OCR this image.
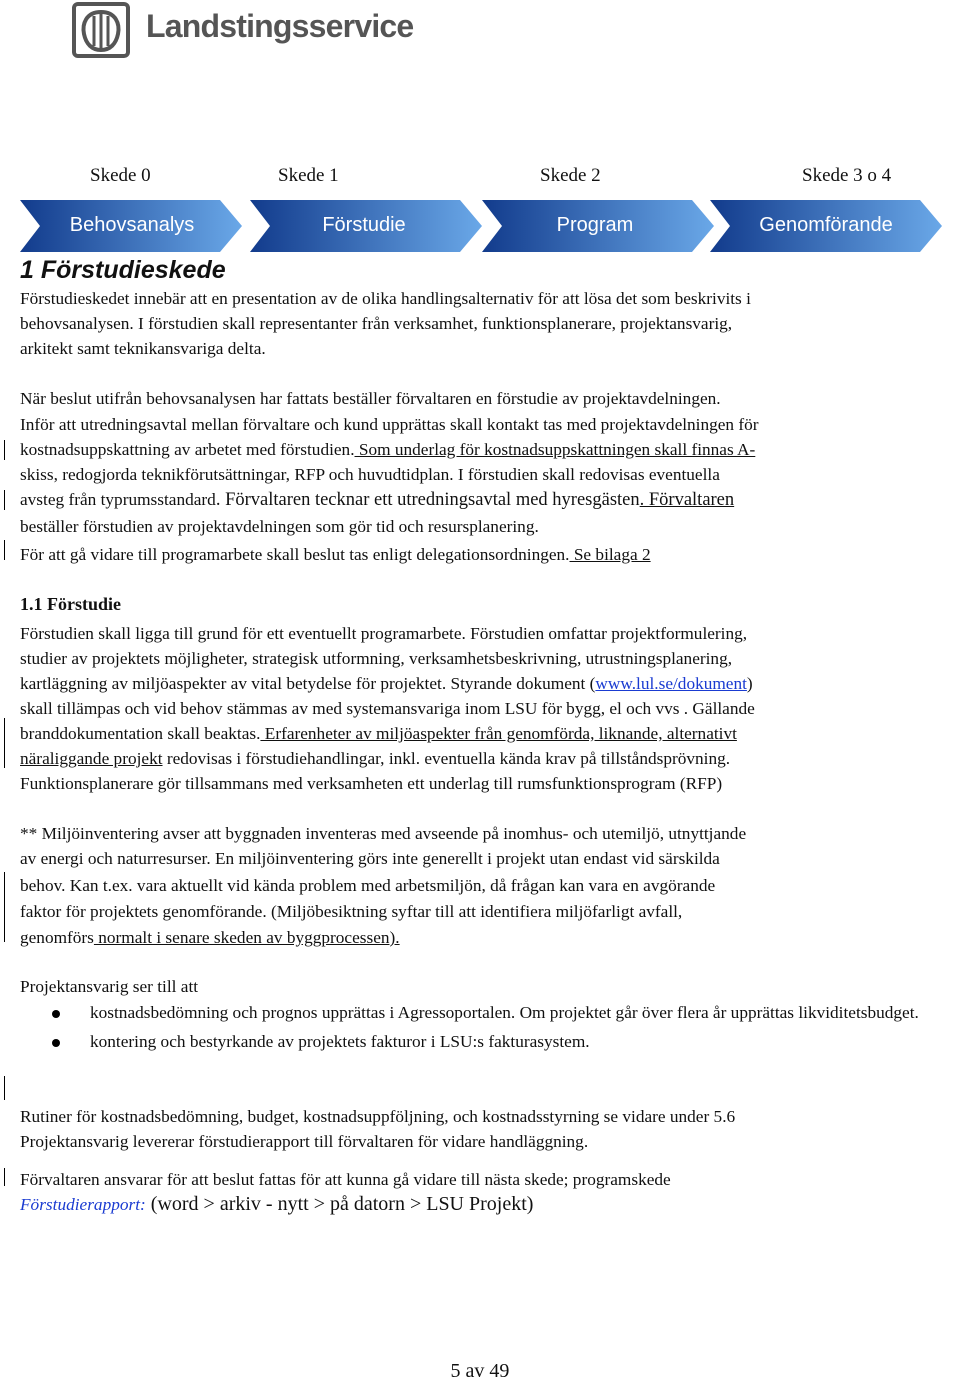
Landstingsservice
Skede 0	Skede 1	Skede 2	Skede 3 o 4
Behovsanalys	Förstudie	Program	Genomförande
1 Förstudieskede

Förstudieskedet innebär att en presentation av de olika handlingsalternativ för att lösa det som beskrivits i

behovsanalysen. I förstudien skall representanter från verksamhet, funktionsplanerare, projektansvarig,

arkitekt samt teknikansvariga delta.

När beslut utifrån behovsanalysen har fattats beställer förvaltaren en förstudie av projektavdelningen.

Inför att utredningsavtal mellan förvaltare och kund upprättas skall kontakt tas med projektavdelningen för

kostnadsuppskattning av arbetet med förstudien. Som underlag för kostnadsuppskattningen skall finnas A-

skiss, redogjorda teknikförutsättningar, RFP och huvudtidplan. I förstudien skall redovisas eventuella

avsteg från typrumsstandard. Förvaltaren tecknar ett utredningsavtal med hyresgästen. Förvaltaren

beställer förstudien av projektavdelningen som gör tid och resursplanering.

För att gå vidare till programarbete skall beslut tas enligt delegationsordningen. Se bilaga 2

1.1 Förstudie

Förstudien skall ligga till grund för ett eventuellt programarbete. Förstudien omfattar projektformulering,

studier av projektets möjligheter, strategisk utformning, verksamhetsbeskrivning, utrustningsplanering,

kartläggning av miljöaspekter av vital betydelse för projektet. Styrande dokument (www.lul.se/dokument)

skall tillämpas och vid behov stämmas av med systemansvariga inom LSU för bygg, el och vvs . Gällande

branddokumentation skall beaktas. Erfarenheter av miljöaspekter från genomförda, liknande, alternativt

näraliggande projekt redovisas i förstudiehandlingar, inkl. eventuella kända krav på tillståndsprövning.

Funktionsplanerare gör tillsammans med verksamheten ett underlag till rumsfunktionsprogram (RFP)

** Miljöinventering avser att byggnaden inventeras med avseende på inomhus- och utemiljö, utnyttjande

av energi och naturresurser. En miljöinventering görs inte generellt i projekt utan endast vid särskilda

behov. Kan t.ex. vara aktuellt vid kända problem med arbetsmiljön, då frågan kan vara en avgörande

faktor för projektets genomförande. (Miljöbesiktning syftar till att identifiera miljöfarligt avfall,

genomförs normalt i senare skeden av byggprocessen).

Projektansvarig ser till att

kostnadsbedömning och prognos upprättas i Agressoportalen. Om projektet går över flera år upprättas likviditetsbudget.
kontering och bestyrkande av projektets fakturor i LSU:s fakturasystem.

Rutiner för kostnadsbedömning, budget, kostnadsuppföljning, och kostnadsstyrning se vidare under 5.6

Projektansvarig levererar förstudierapport till förvaltaren för vidare handläggning.

Förvaltaren ansvarar för att beslut fattas för att kunna gå vidare till nästa skede; programskede

Förstudierapport: (word > arkiv - nytt > på datorn > LSU Projekt)

5 av 49
